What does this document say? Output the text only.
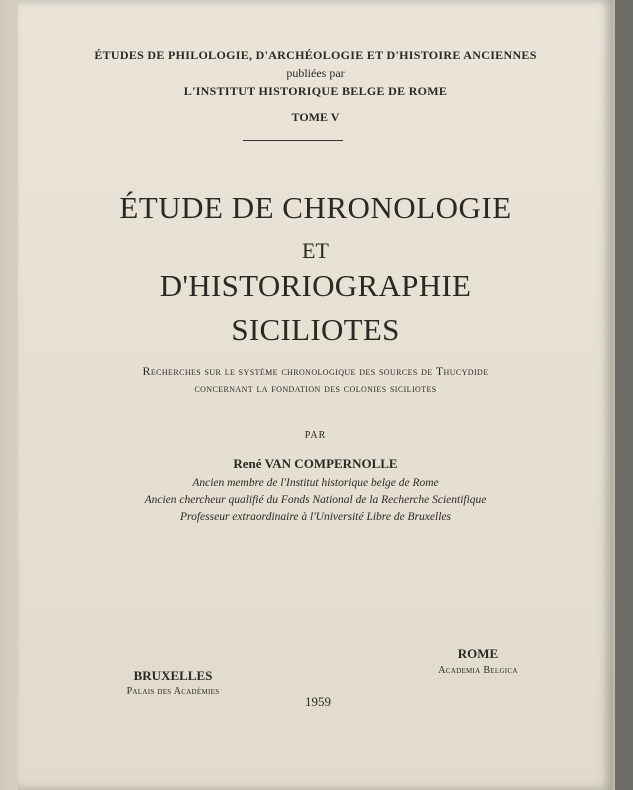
ÉTUDES DE PHILOLOGIE, D'ARCHÉOLOGIE ET D'HISTOIRE ANCIENNES
publiées par
L'INSTITUT HISTORIQUE BELGE DE ROME
TOME V
ÉTUDE DE CHRONOLOGIE
ET
D'HISTORIOGRAPHIE
SICILIOTES
Recherches sur le système chronologique des sources de Thucydide
concernant la fondation des colonies siciliotes
PAR
René VAN COMPERNOLLE
Ancien membre de l'Institut historique belge de Rome
Ancien chercheur qualifié du Fonds National de la Recherche Scientifique
Professeur extraordinaire à l'Université Libre de Bruxelles
ROME
Academia Belgica
BRUXELLES
Palais des Académies
1959
